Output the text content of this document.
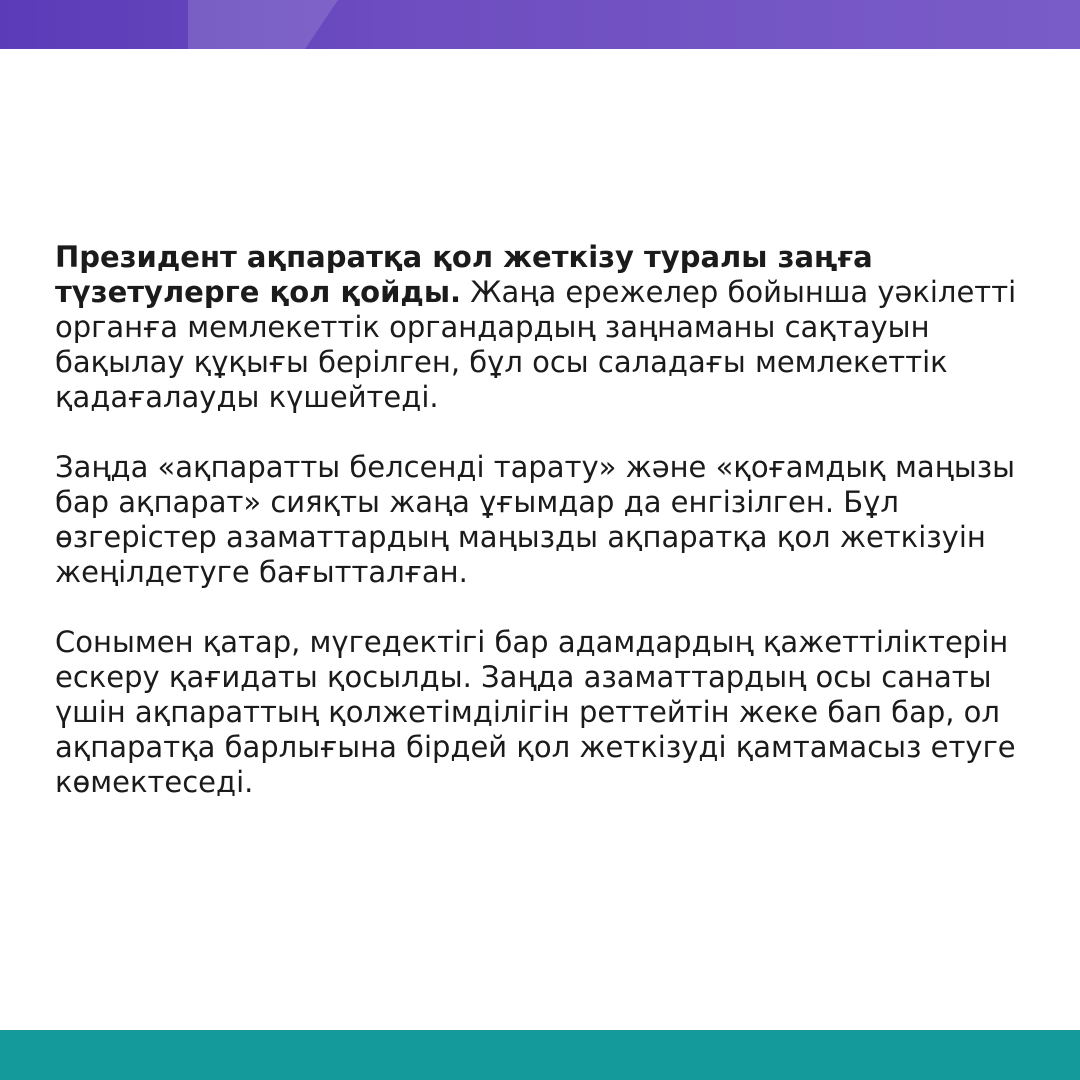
Президент ақпаратқа қол жеткізу туралы заңға түзетулерге қол қойды. Жаңа ережелер бойынша уәкілетті органға мемлекеттік органдардың заңнаманы сақтауын бақылау құқығы берілген, бұл осы саладағы мемлекеттік қадағалауды күшейтеді.

Заңда «ақпаратты белсенді тарату» және «қоғамдық маңызы бар ақпарат» сияқты жаңа ұғымдар да енгізілген. Бұл өзгерістер азаматтардың маңызды ақпаратқа қол жеткізуін жеңілдетуге бағытталған.

Сонымен қатар, мүгедектігі бар адамдардың қажеттіліктерін ескеру қағидаты қосылды. Заңда азаматтардың осы санаты үшін ақпараттың қолжетімділігін реттейтін жеке бап бар, ол ақпаратқа барлығына бірдей қол жеткізуді қамтамасыз етуге көмектеседі.
